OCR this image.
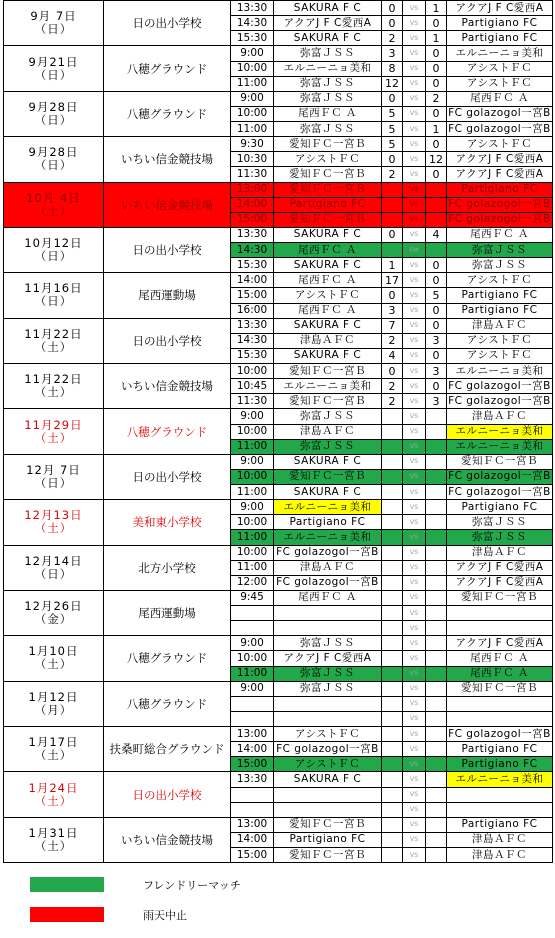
9月 7日
（日）	日の出小学校	13:30	SAKURA F C	0	VS	1	アクアJ F C愛西A
		14:30	アクアJ F C愛西A	0	VS	0	Partigiano FC
		15:30	SAKURA F C	2	VS	1	Partigiano FC

9月21日
（日）	八穂グラウンド	9:00	弥富ＪＳＳ	3	VS	0	エルニーニョ美和
		10:00	エルニーニョ美和	8	VS	0	アシストＦＣ
		11:00	弥富ＪＳＳ	12	VS	0	アシストＦＣ

9月28日
（日）	八穂グラウンド	9:00	弥富ＪＳＳ	0	VS	2	尾西ＦＣ Ａ
		10:00	尾西ＦＣ Ａ	5	VS	0	FC golazogol一宮B
		11:00	弥富ＪＳＳ	5	VS	1	FC golazogol一宮B

9月28日
（日）	いちい信金競技場	9:30	愛知ＦＣ一宮Ｂ	5	VS	0	アシストＦＣ
		10:30	アシストＦＣ	0	VS	12	アクアJ F C愛西A
		11:30	愛知ＦＣ一宮Ｂ	2	VS	0	アクアJ F C愛西A

10月 4日
（土）	いちい信金競技場	13:00	愛知ＦＣ一宮Ｂ		VS		Partigiano FC
		14:00	Partigiano FC		VS		FC golazogol一宮B
		15:00	愛知ＦＣ一宮Ｂ		VS		FC golazogol一宮B

10月12日
（日）	日の出小学校	13:30	SAKURA F C	0	VS	4	尾西ＦＣ Ａ
		14:30	尾西ＦＣ Ａ		FM		弥富ＪＳＳ
		15:30	SAKURA F C	1	VS	0	弥富ＪＳＳ

11月16日
（日）	尾西運動場	14:00	尾西ＦＣ Ａ	17	VS	0	アシストＦＣ
		15:00	アシストＦＣ	0	VS	5	Partigiano FC
		16:00	尾西ＦＣ Ａ	3	VS	0	Partigiano FC

11月22日
（土）	日の出小学校	13:30	SAKURA F C	7	VS	0	津島ＡＦＣ
		14:30	津島ＡＦＣ	2	VS	3	アシストＦＣ
		15:30	SAKURA F C	4	VS	0	アシストＦＣ

11月22日
（土）	いちい信金競技場	10:00	愛知ＦＣ一宮Ｂ	0	VS	3	エルニーニョ美和
		10:45	エルニーニョ美和	2	VS	0	FC golazogol一宮B
		11:30	愛知ＦＣ一宮Ｂ	2	VS	3	FC golazogol一宮B

11月29日
（土）	八穂グラウンド	9:00	弥富ＪＳＳ		VS		津島ＡＦＣ
		10:00	津島ＡＦＣ		VS		エルニーニョ美和
		11:00	弥富ＪＳＳ		VS		エルニーニョ美和

12月 7日
（日）	日の出小学校	9:00	SAKURA F C		VS		愛知ＦＣ一宮Ｂ
		10:00	愛知ＦＣ一宮Ｂ		VS		FC golazogol一宮B
		11:00	SAKURA F C		VS		FC golazogol一宮B

12月13日
（土）	美和東小学校	9:00	エルニーニョ美和		VS		Partigiano FC
		10:00	Partigiano FC		VS		弥富ＪＳＳ
		11:00	エルニーニョ美和		VS		弥富ＪＳＳ

12月14日
（日）	北方小学校	10:00	FC golazogol一宮B		VS		津島ＡＦＣ
		11:00	津島ＡＦＣ		VS		アクアJ F C愛西A
		12:00	FC golazogol一宮B		VS		アクアJ F C愛西A

12月26日
（金）	尾西運動場	9:45	尾西ＦＣ Ａ		VS		愛知ＦＣ一宮Ｂ
					VS		
					VS		

1月10日
（土）	八穂グラウンド	9:00	弥富ＪＳＳ		VS		アクアJ F C愛西A
		10:00	アクアJ F C愛西A		VS		尾西ＦＣ Ａ
		11:00	弥富ＪＳＳ		VS		尾西ＦＣ Ａ

1月12日
（月）	八穂グラウンド	9:00	弥富ＪＳＳ		VS		愛知ＦＣ一宮Ｂ
					VS		
					VS		

1月17日
（土）	扶桑町総合グラウンド	13:00	アシストＦＣ		VS		FC golazogol一宮B
		14:00	FC golazogol一宮B		VS		Partigiano FC
		15:00	アシストＦＣ		VS		Partigiano FC

1月24日
（土）	日の出小学校	13:30	SAKURA F C		VS		エルニーニョ美和
					VS		
					VS		

1月31日
（土）	いちい信金競技場	13:00	愛知ＦＣ一宮Ｂ		VS		Partigiano FC
		14:00	Partigiano FC		VS		津島ＡＦＣ
		15:00	愛知ＦＣ一宮Ｂ		VS		津島ＡＦＣ
フレンドリーマッチ
雨天中止
